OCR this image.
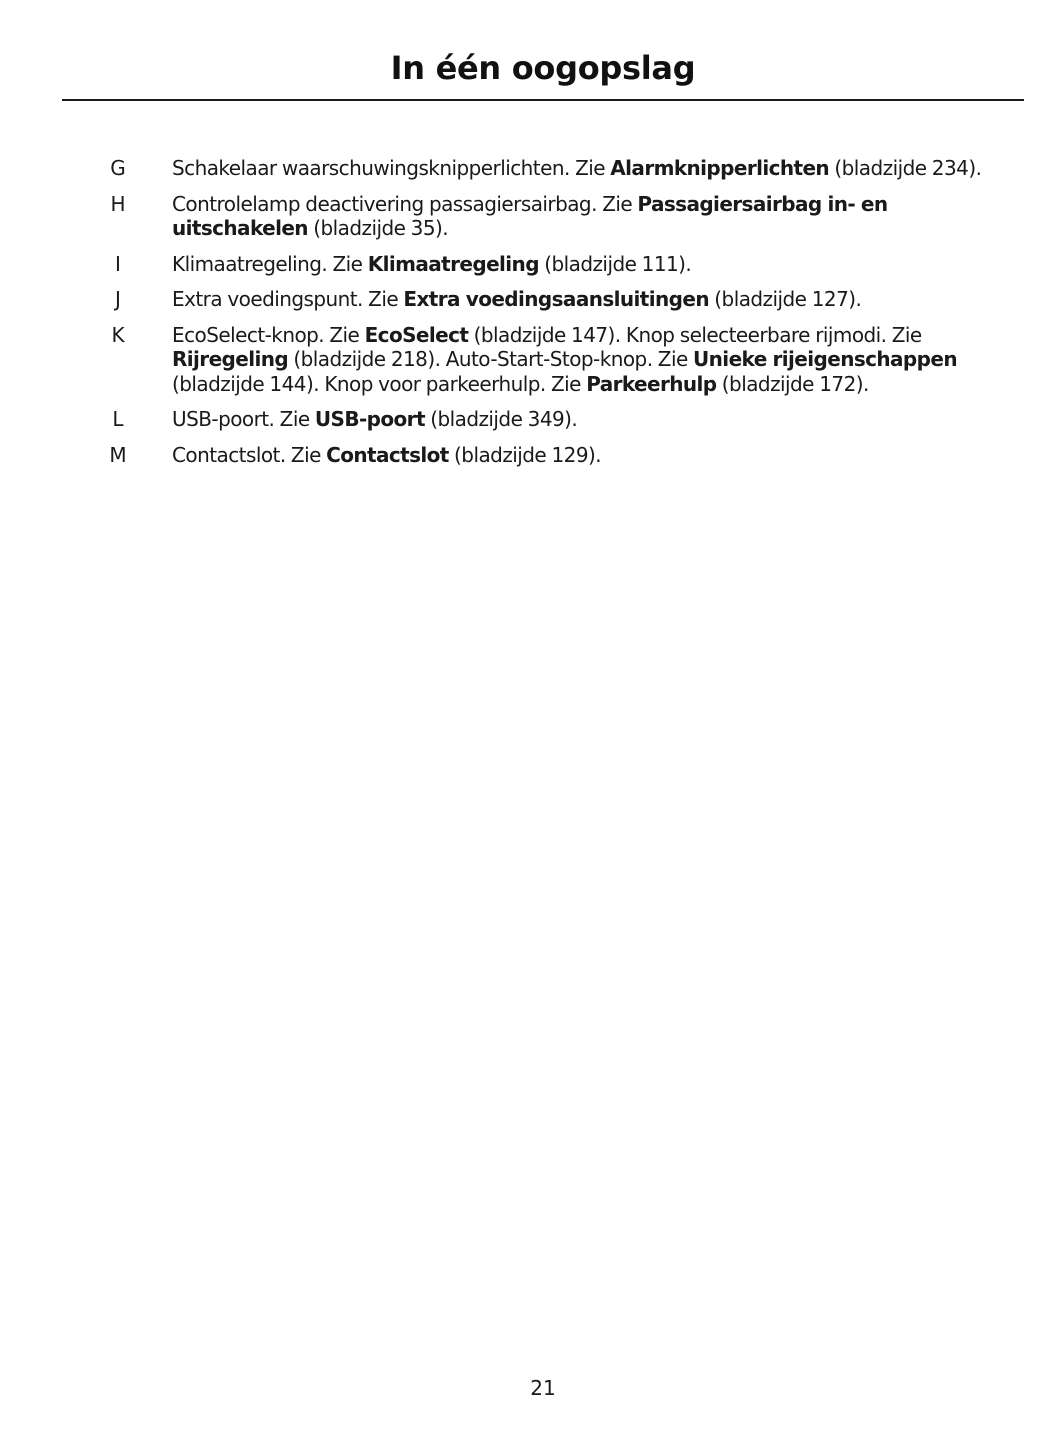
In één oogopslag
G	Schakelaar waarschuwingsknipperlichten. Zie Alarmknipperlichten (bladzijde 234).
H	Controlelamp deactivering passagiersairbag. Zie Passagiersairbag in- en uitschakelen (bladzijde 35).
I	Klimaatregeling. Zie Klimaatregeling (bladzijde 111).
J	Extra voedingspunt. Zie Extra voedingsaansluitingen (bladzijde 127).
K	EcoSelect-knop. Zie EcoSelect (bladzijde 147). Knop selecteerbare rijmodi. Zie Rijregeling (bladzijde 218). Auto-Start-Stop-knop. Zie Unieke rijeigenschappen (bladzijde 144). Knop voor parkeerhulp. Zie Parkeerhulp (bladzijde 172).
L	USB-poort. Zie USB-poort (bladzijde 349).
M	Contactslot. Zie Contactslot (bladzijde 129).
21
